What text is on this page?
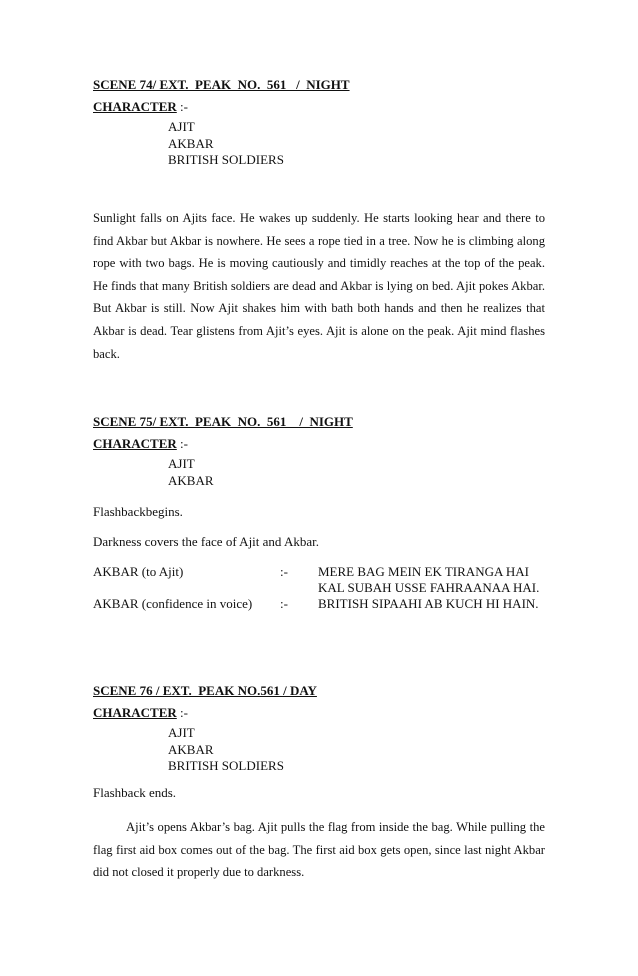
SCENE 74/ EXT.  PEAK  NO.  561   /  NIGHT

CHARACTER :-

AJIT
AKBAR
BRITISH SOLDIERS

Sunlight falls on Ajits face. He wakes up suddenly. He starts looking hear and there to find Akbar but Akbar is nowhere. He sees a rope tied in a tree. Now he is climbing along rope with two bags. He is moving cautiously and timidly reaches at the top of the peak. He finds that many British soldiers are dead and Akbar is lying on bed. Ajit pokes Akbar. But Akbar is still. Now Ajit shakes him with bath both hands and then he realizes that Akbar is dead. Tear glistens from Ajit’s eyes. Ajit is alone on the peak. Ajit mind flashes back.

SCENE 75/ EXT.  PEAK  NO.  561    /  NIGHT

CHARACTER :-

AJIT
AKBAR

Flashbackbegins.

Darkness covers the face of Ajit and Akbar.

AKBAR (to Ajit)	:- MERE BAG MEIN EK TIRANGA HAI

KAL SUBAH USSE FAHRAANAA HAI.

AKBAR (confidence in voice) :- BRITISH SIPAAHI AB KUCH HI HAIN.

SCENE 76 / EXT.  PEAK NO.561 / DAY

CHARACTER :-

AJIT
AKBAR
BRITISH SOLDIERS

Flashback ends.

Ajit’s opens Akbar’s bag. Ajit pulls the flag from inside the bag. While pulling the flag first aid box comes out of the bag. The first aid box gets open, since last night Akbar did not closed it properly due to darkness.
